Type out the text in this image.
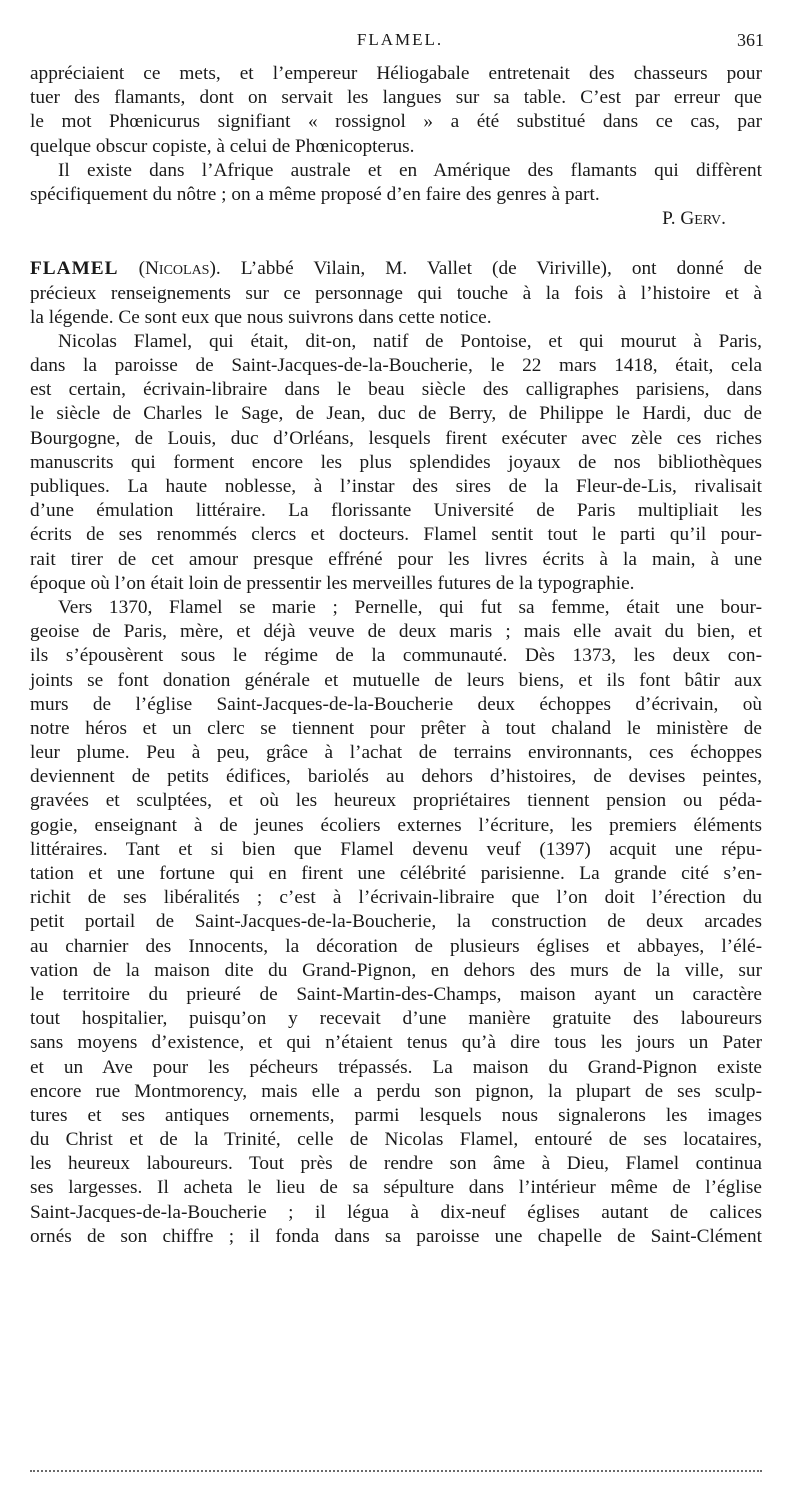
FLAMEL.	361
appréciaient ce mets, et l’empereur Héliogabale entretenait des chasseurs pour
tuer des flamants, dont on servait les langues sur sa table. C’est par erreur que
le mot Phœnicurus signifiant « rossignol » a été substitué dans ce cas, par
quelque obscur copiste, à celui de Phœnicopterus.
Il existe dans l’Afrique australe et en Amérique des flamants qui diffèrent
spécifiquement du nôtre ; on a même proposé d’en faire des genres à part.
P. Gerv.
FLAMEL (Nicolas). L’abbé Vilain, M. Vallet (de Viriville), ont donné de
précieux renseignements sur ce personnage qui touche à la fois à l’histoire et à
la légende. Ce sont eux que nous suivrons dans cette notice.
Nicolas Flamel, qui était, dit-on, natif de Pontoise, et qui mourut à Paris,
dans la paroisse de Saint-Jacques-de-la-Boucherie, le 22 mars 1418, était, cela
est certain, écrivain-libraire dans le beau siècle des calligraphes parisiens, dans
le siècle de Charles le Sage, de Jean, duc de Berry, de Philippe le Hardi, duc de
Bourgogne, de Louis, duc d’Orléans, lesquels firent exécuter avec zèle ces riches
manuscrits qui forment encore les plus splendides joyaux de nos bibliothèques
publiques. La haute noblesse, à l’instar des sires de la Fleur-de-Lis, rivalisait
d’une émulation littéraire. La florissante Université de Paris multipliait les
écrits de ses renommés clercs et docteurs. Flamel sentit tout le parti qu’il pour-
rait tirer de cet amour presque effréné pour les livres écrits à la main, à une
époque où l’on était loin de pressentir les merveilles futures de la typographie.
Vers 1370, Flamel se marie ; Pernelle, qui fut sa femme, était une bour-
geoise de Paris, mère, et déjà veuve de deux maris ; mais elle avait du bien, et
ils s’épousèrent sous le régime de la communauté. Dès 1373, les deux con-
joints se font donation générale et mutuelle de leurs biens, et ils font bâtir aux
murs de l’église Saint-Jacques-de-la-Boucherie deux échoppes d’écrivain, où
notre héros et un clerc se tiennent pour prêter à tout chaland le ministère de
leur plume. Peu à peu, grâce à l’achat de terrains environnants, ces échoppes
deviennent de petits édifices, bariolés au dehors d’histoires, de devises peintes,
gravées et sculptées, et où les heureux propriétaires tiennent pension ou péda-
gogie, enseignant à de jeunes écoliers externes l’écriture, les premiers éléments
littéraires. Tant et si bien que Flamel devenu veuf (1397) acquit une répu-
tation et une fortune qui en firent une célébrité parisienne. La grande cité s’en-
richit de ses libéralités ; c’est à l’écrivain-libraire que l’on doit l’érection du
petit portail de Saint-Jacques-de-la-Boucherie, la construction de deux arcades
au charnier des Innocents, la décoration de plusieurs églises et abbayes, l’élé-
vation de la maison dite du Grand-Pignon, en dehors des murs de la ville, sur
le territoire du prieuré de Saint-Martin-des-Champs, maison ayant un caractère
tout hospitalier, puisqu’on y recevait d’une manière gratuite des laboureurs
sans moyens d’existence, et qui n’étaient tenus qu’à dire tous les jours un Pater
et un Ave pour les pécheurs trépassés. La maison du Grand-Pignon existe
encore rue Montmorency, mais elle a perdu son pignon, la plupart de ses sculp-
tures et ses antiques ornements, parmi lesquels nous signalerons les images
du Christ et de la Trinité, celle de Nicolas Flamel, entouré de ses locataires,
les heureux laboureurs. Tout près de rendre son âme à Dieu, Flamel continua
ses largesses. Il acheta le lieu de sa sépulture dans l’intérieur même de l’église
Saint-Jacques-de-la-Boucherie ; il légua à dix-neuf églises autant de calices
ornés de son chiffre ; il fonda dans sa paroisse une chapelle de Saint-Clément
